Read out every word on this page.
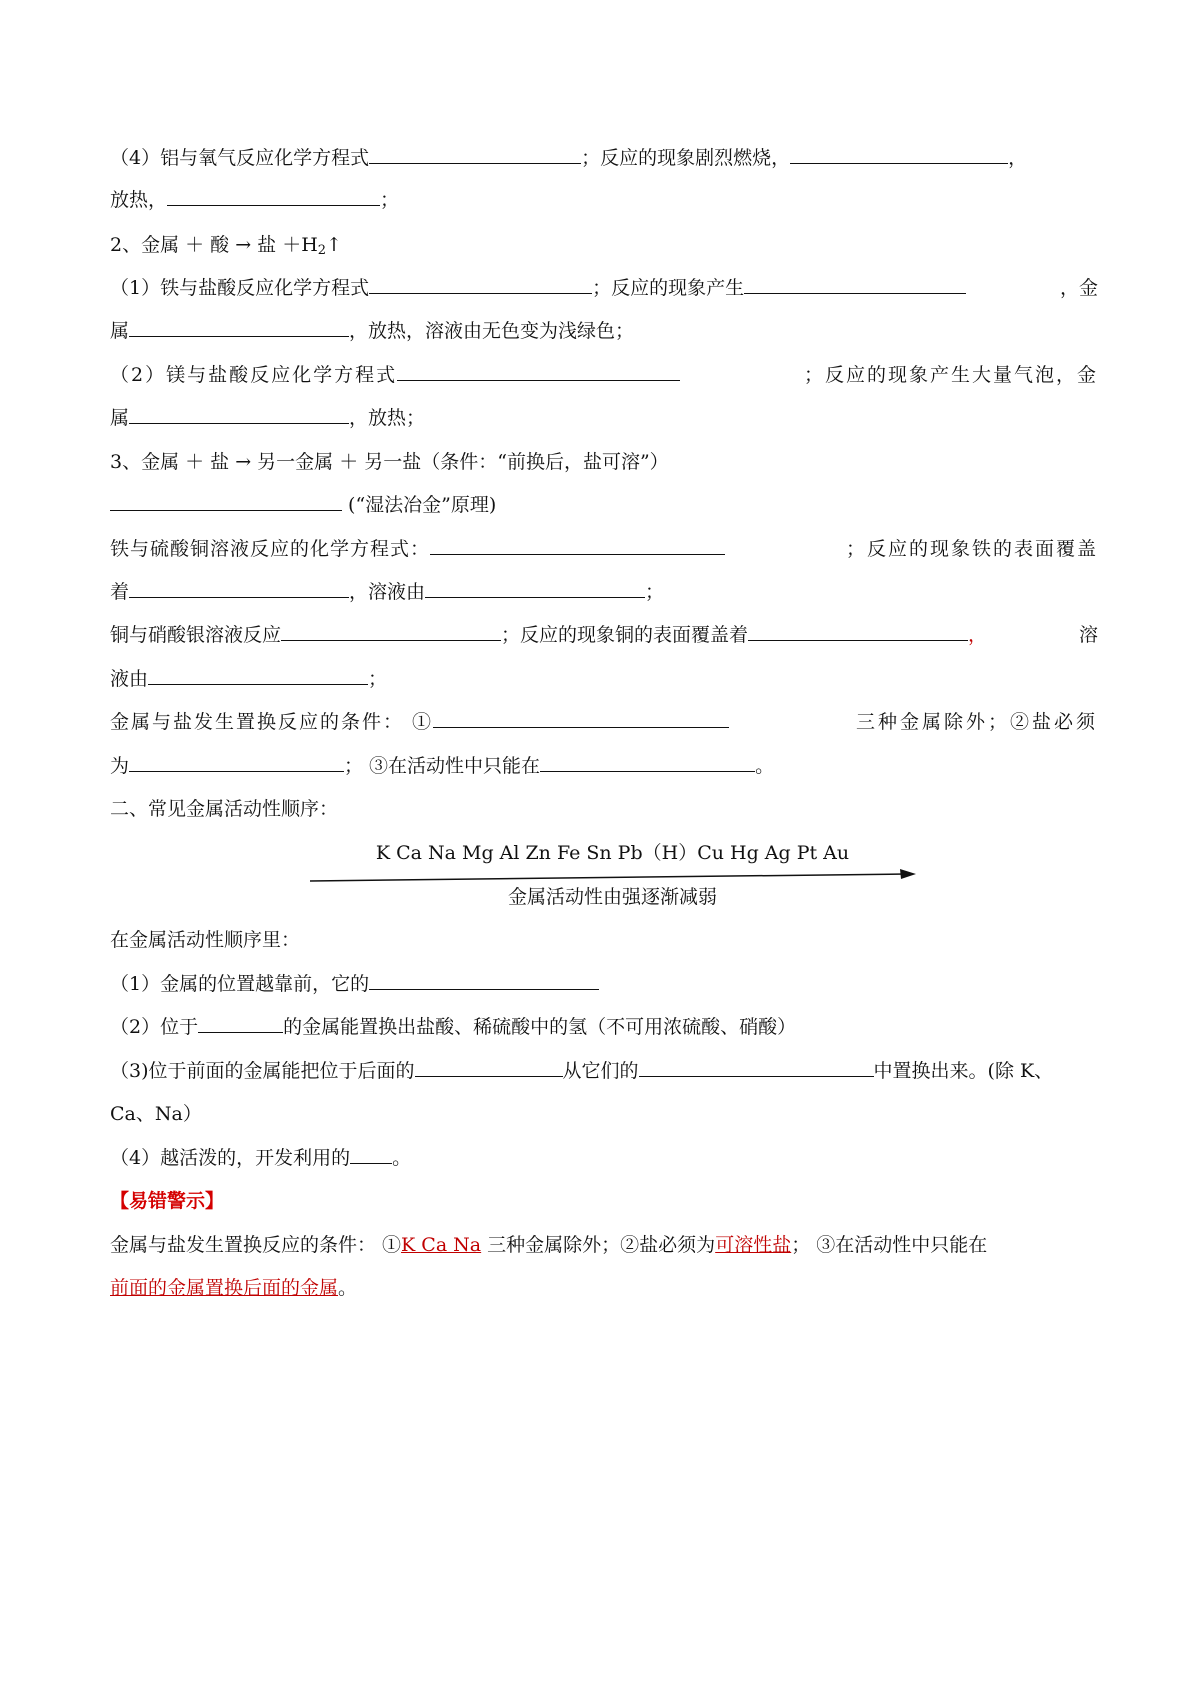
（4）铝与氧气反应化学方程式	；反应的现象剧烈燃烧，	，
放热，	；
2、金属 ＋ 酸 → 盐 $+H_2↑$
（1）铁与盐酸反应化学方程式	；反应的现象产生	，金
属	，放热，溶液由无色变为浅绿色；
（2）镁与盐酸反应化学方程式	；反应的现象产生大量气泡，金
属	，放热；
3、金属 ＋ 盐 → 另一金属 ＋ 另一盐（条件：“前换后，盐可溶”）
(“湿法冶金”原理)
铁与硫酸铜溶液反应的化学方程式：	；反应的现象铁的表面覆盖
着	，溶液由	；
铜与硝酸银溶液反应	；反应的现象铜的表面覆盖着	，	溶
液由	；
金属与盐发生置换反应的条件： ①	三种金属除外；②盐必须
为	； ③在活动性中只能在	。
二、常见金属活动性顺序：
K Ca Na Mg Al Zn Fe Sn Pb（H）Cu Hg Ag Pt Au
金属活动性由强逐渐减弱
在金属活动性顺序里：
（1）金属的位置越靠前，它的
（2）位于	的金属能置换出盐酸、稀硫酸中的氢（不可用浓硫酸、硝酸）
（3)位于前面的金属能把位于后面的	从它们的	中置换出来。(除 K、
Ca、Na）
（4）越活泼的，开发利用的 。
【易错警示】
金属与盐发生置换反应的条件： ①K Ca Na 三种金属除外；②盐必须为可溶性盐； ③在活动性中只能在
前面的金属置换后面的金属。
